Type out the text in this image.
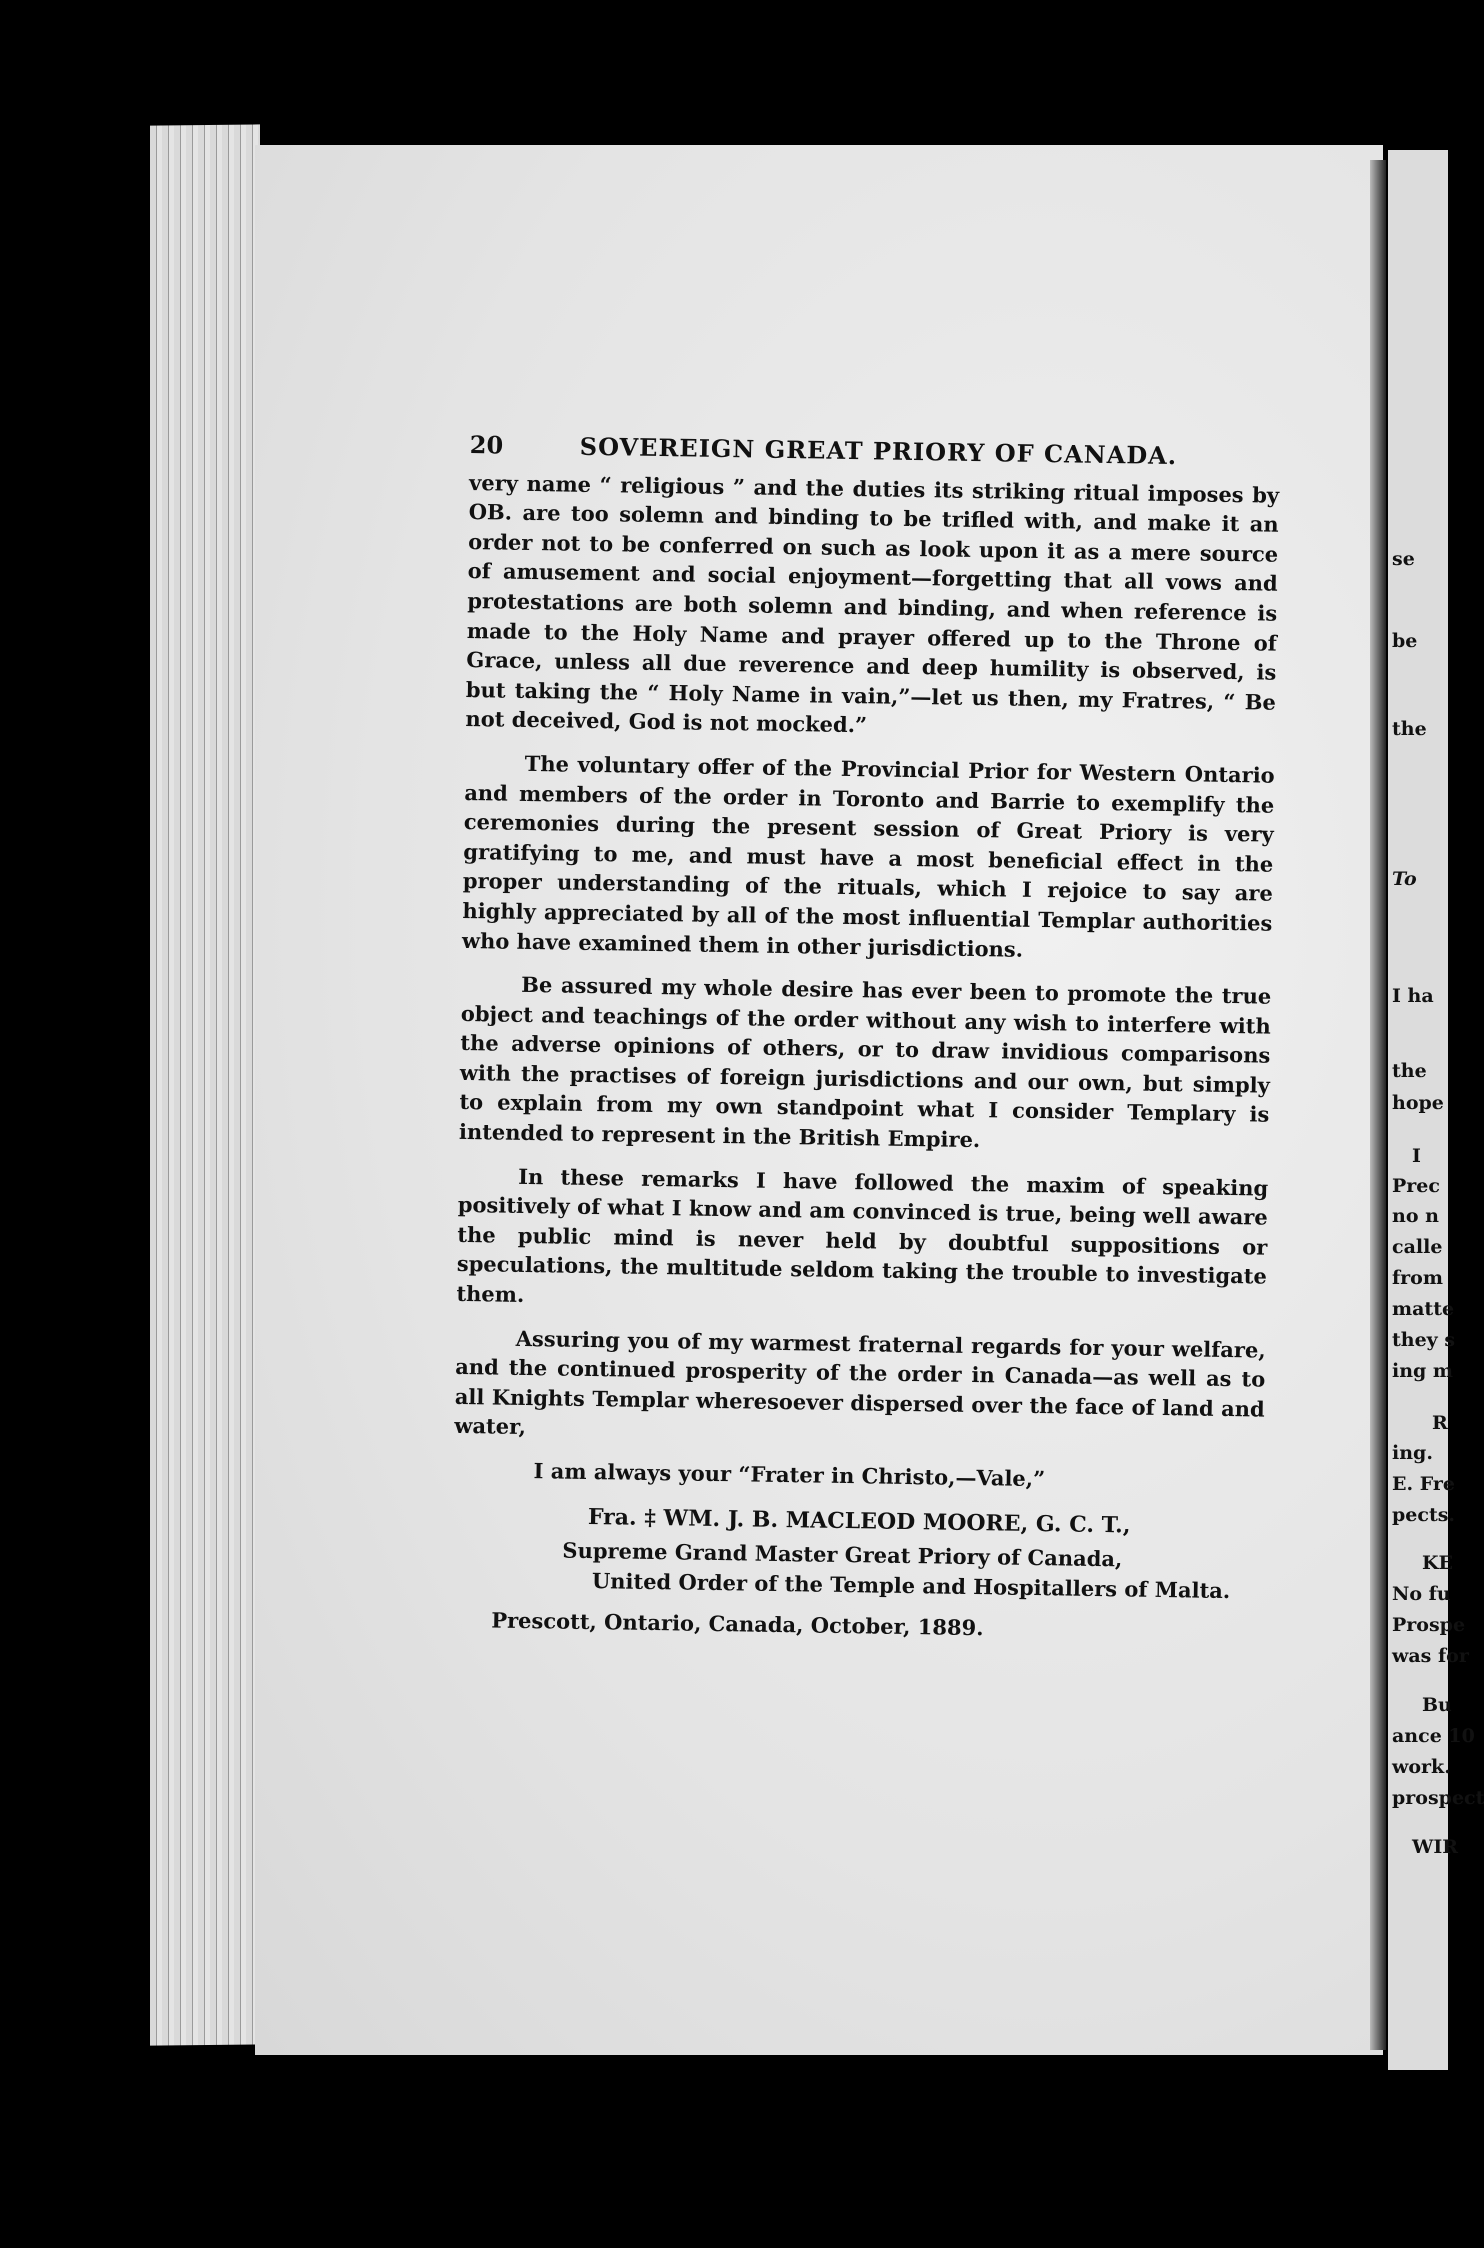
20	SOVEREIGN GREAT PRIORY OF CANADA.

very name “ religious ” and the duties its striking ritual imposes by OB. are too solemn and binding to be trifled with, and make it an order not to be conferred on such as look upon it as a mere source of amusement and social enjoyment—forgetting that all vows and protestations are both solemn and binding, and when reference is made to the Holy Name and prayer offered up to the Throne of Grace, unless all due reverence and deep humility is observed, is but taking the “ Holy Name in vain,”—let us then, my Fratres, “ Be not deceived, God is not mocked.”

The voluntary offer of the Provincial Prior for Western Ontario and members of the order in Toronto and Barrie to exemplify the ceremonies during the present session of Great Priory is very gratifying to me, and must have a most beneficial effect in the proper understanding of the rituals, which I rejoice to say are highly appreciated by all of the most influential Templar authorities who have examined them in other jurisdictions.

Be assured my whole desire has ever been to promote the true object and teachings of the order without any wish to interfere with the adverse opinions of others, or to draw invidious comparisons with the practises of foreign jurisdictions and our own, but simply to explain from my own standpoint what I consider Templary is intended to represent in the British Empire.

In these remarks I have followed the maxim of speaking positively of what I know and am convinced is true, being well aware the public mind is never held by doubtful suppositions or speculations, the multitude seldom taking the trouble to investigate them.

Assuring you of my warmest fraternal regards for your welfare, and the continued prosperity of the order in Canada—as well as to all Knights Templar wheresoever dispersed over the face of land and water,

I am always your “Frater in Christo,—Vale,”
Fra. ‡ WM. J. B. MACLEOD MOORE, G. C. T.,
Supreme Grand Master Great Priory of Canada,
United Order of the Temple and Hospitallers of Malta.
Prescott, Ontario, Canada, October, 1889.
se
be
the
To
I ha
the
hope
I
Prec
no n
calle
from
matte
they s
ing m
R
ing.
E. Fre
pects.
KE
No fu
Prospe
was for
Bu
ance 10
work.
prospect
WIR
